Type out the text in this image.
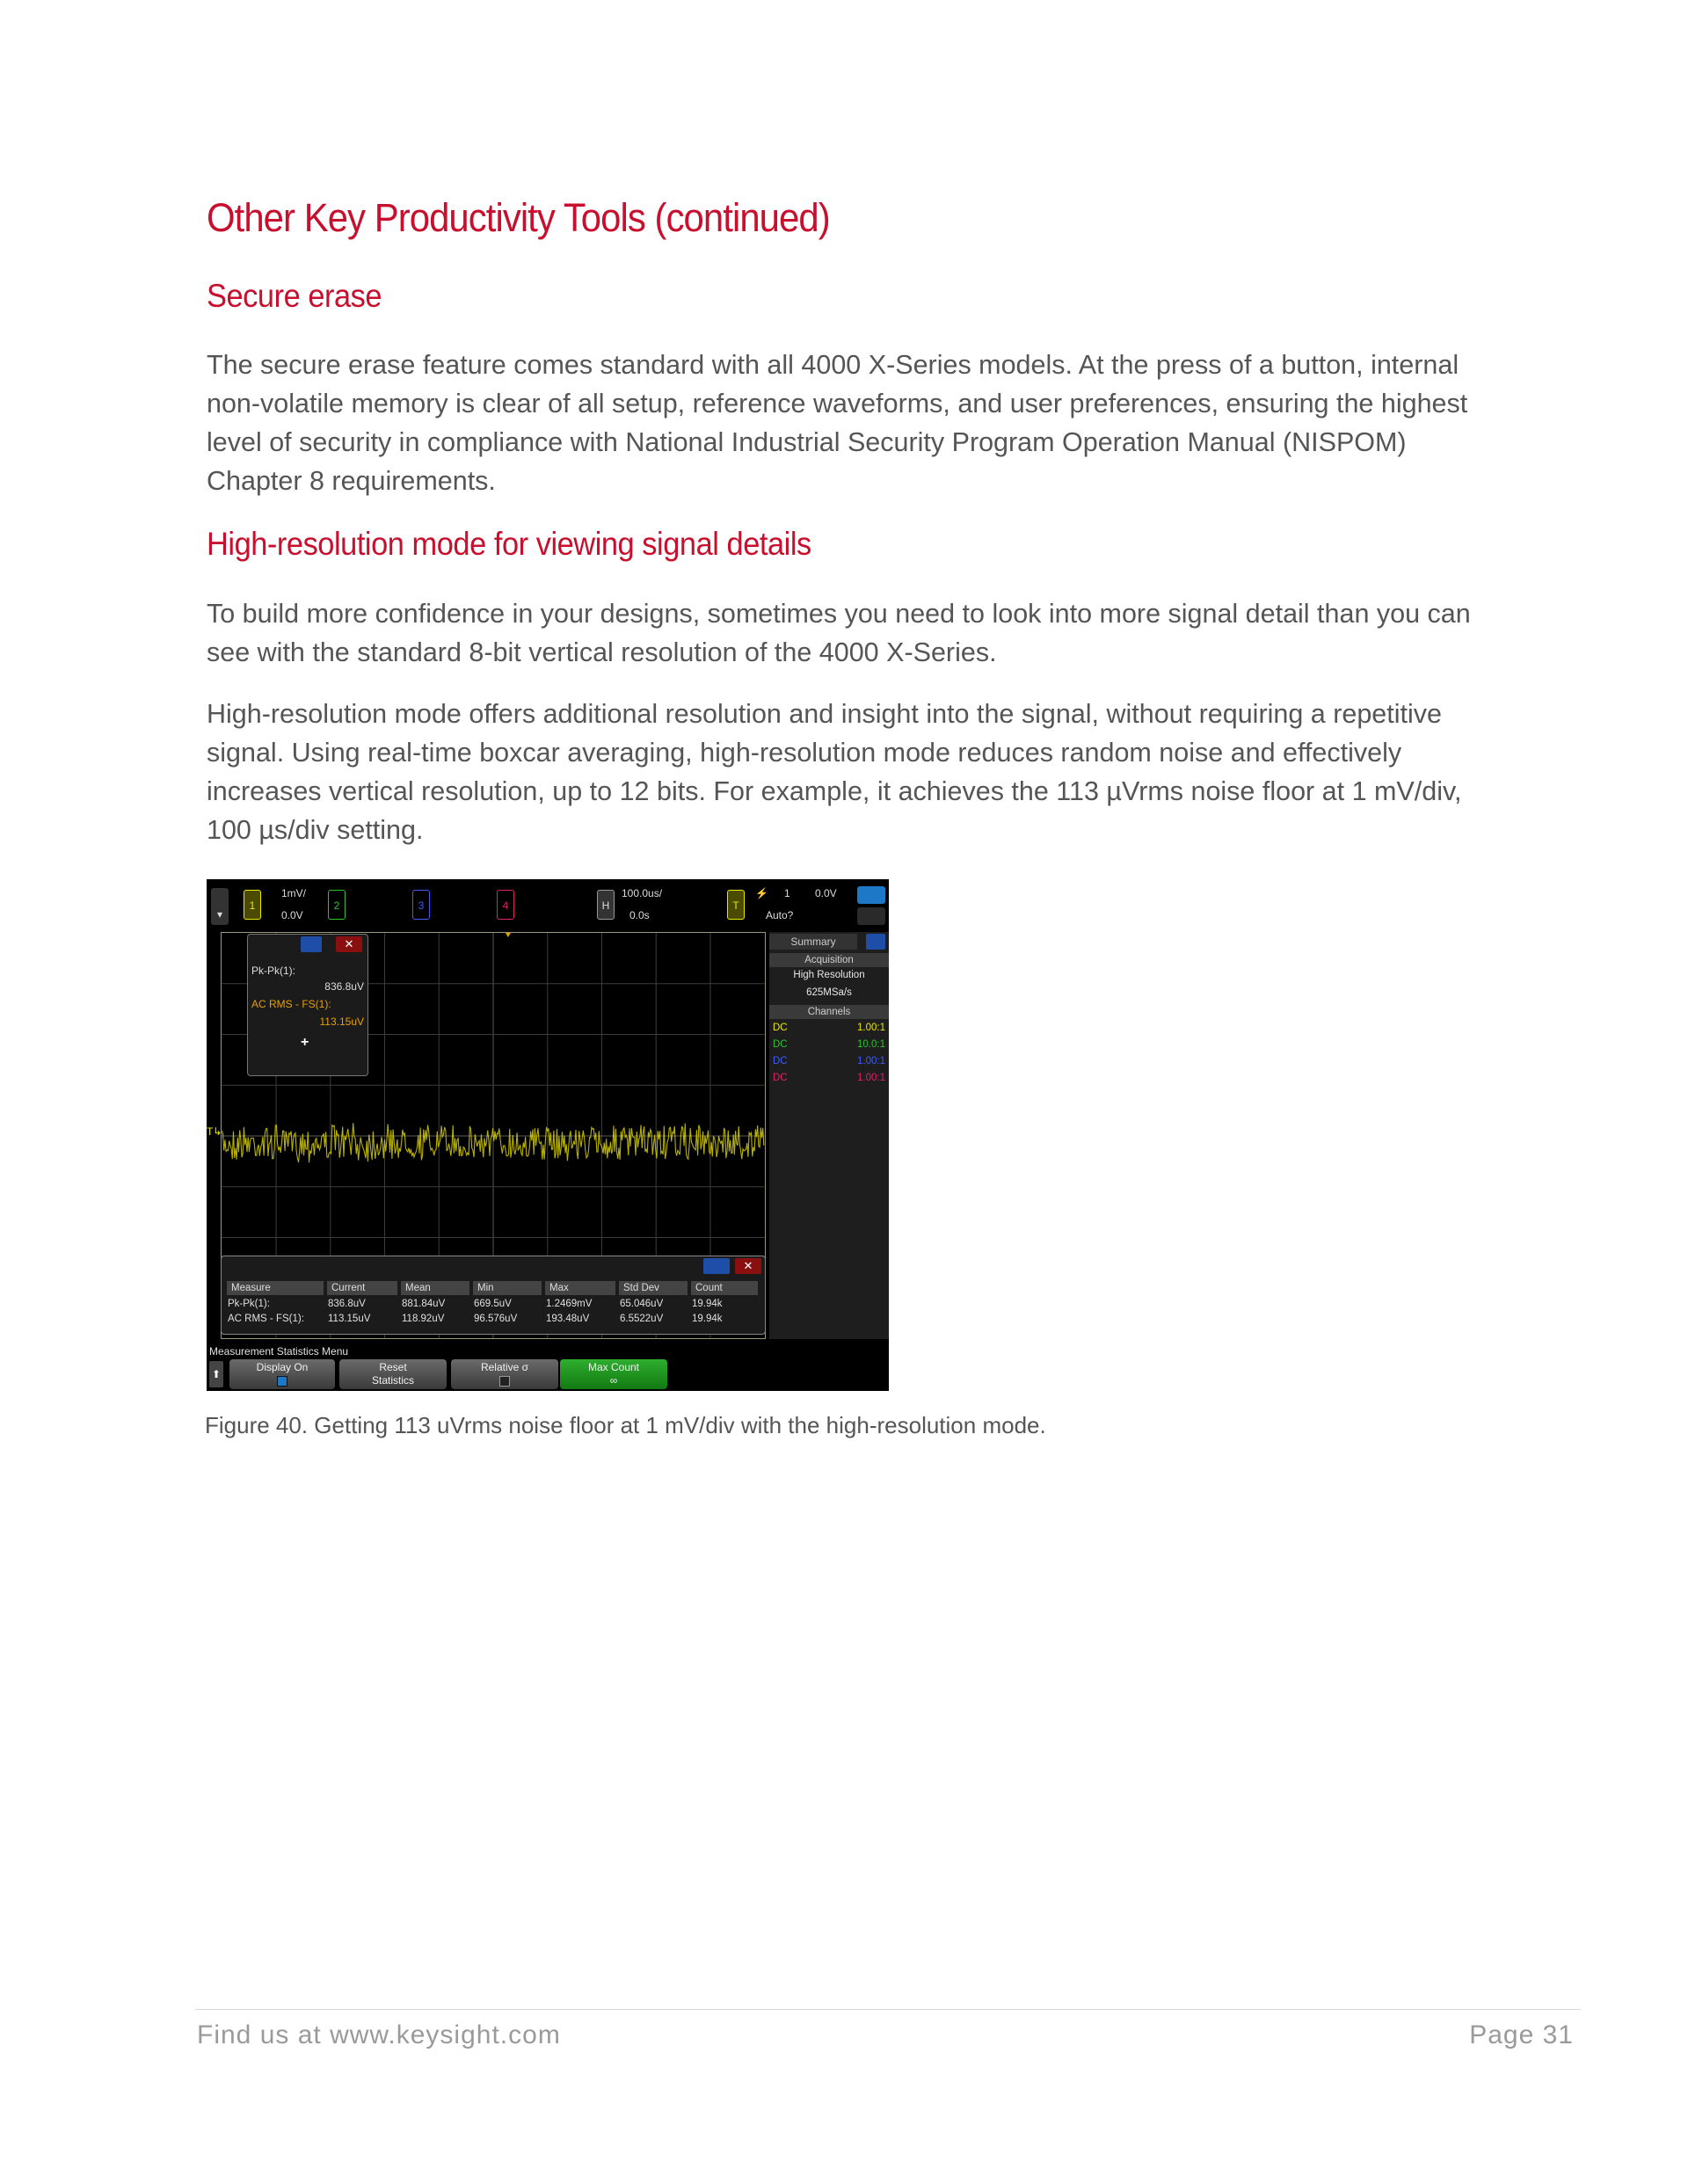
Other Key Productivity Tools (continued)
Secure erase

The secure erase feature comes standard with all 4000 X-Series models. At the press of a button, internal non-volatile memory is clear of all setup, reference waveforms, and user preferences, ensuring the highest level of security in compliance with National Industrial Security Program Operation Manual (NISPOM) Chapter 8 requirements.

High-resolution mode for viewing signal details

To build more confidence in your designs, sometimes you need to look into more signal detail than you can see with the standard 8-bit vertical resolution of the 4000 X-Series.

High-resolution mode offers additional resolution and insight into the signal, without requiring a repetitive signal. Using real-time boxcar averaging, high-resolution mode reduces random noise and effectively increases vertical resolution, up to 12 bits. For example, it achieves the 113 µVrms noise floor at 1 mV/div, 100 µs/div setting.

▾
1
1mV/
0.0V
2	3	4	H
100.0us/
0.0s
T
⚡ 1 0.0V
Auto?
T↳
✕
Pk-Pk(1):
836.8uV
AC RMS - FS(1):
113.15uV
+
Summary
Acquisition
High Resolution
625MSa/s
Channels
DC	1.00:1
DC	10.0:1
DC	1.00:1
DC	1.00:1
✕
Measure	Current	Mean	Min	Max	Std Dev	Count
Pk-Pk(1):	836.8uV	881.84uV	669.5uV	1.2469mV	65.046uV	19.94k
AC RMS - FS(1): 113.15uV	118.92uV	96.576uV	193.48uV	6.5522uV	19.94k
Measurement Statistics Menu
⬆
Display On	Reset
Statistics
Relative σ	Max Count
∞
Figure 40. Getting 113 uVrms noise floor at 1 mV/div with the high-resolution mode.
Find us at www.keysight.com	Page 31
